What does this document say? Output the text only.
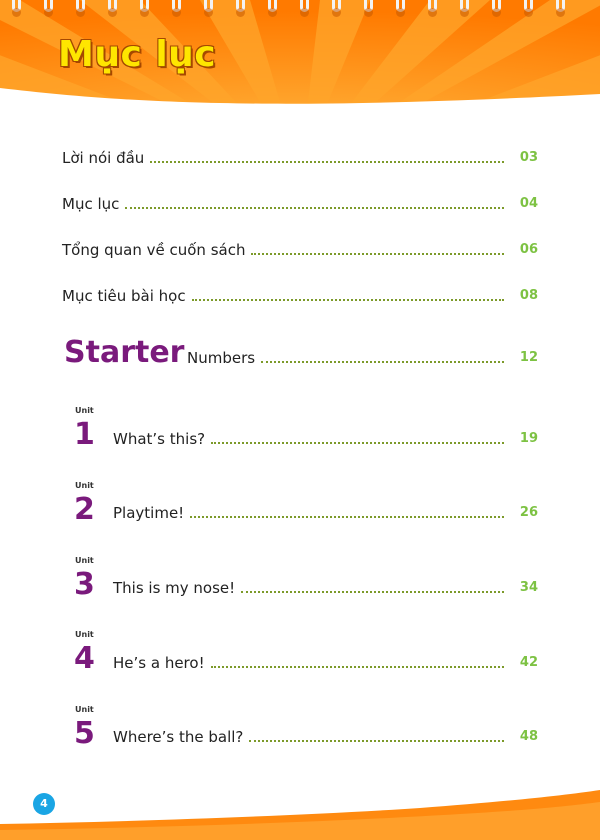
Mục lục
Lời nói đầu	03
Mục lục	04
Tổng quan về cuốn sách	06
Mục tiêu bài học	08
Starter Numbers	12
Unit
1 What’s this?	19
Unit
2 Playtime!	26
Unit
3 This is my nose!	34
Unit
4 He’s a hero!	42
Unit
5 Where’s the ball?	48
4
